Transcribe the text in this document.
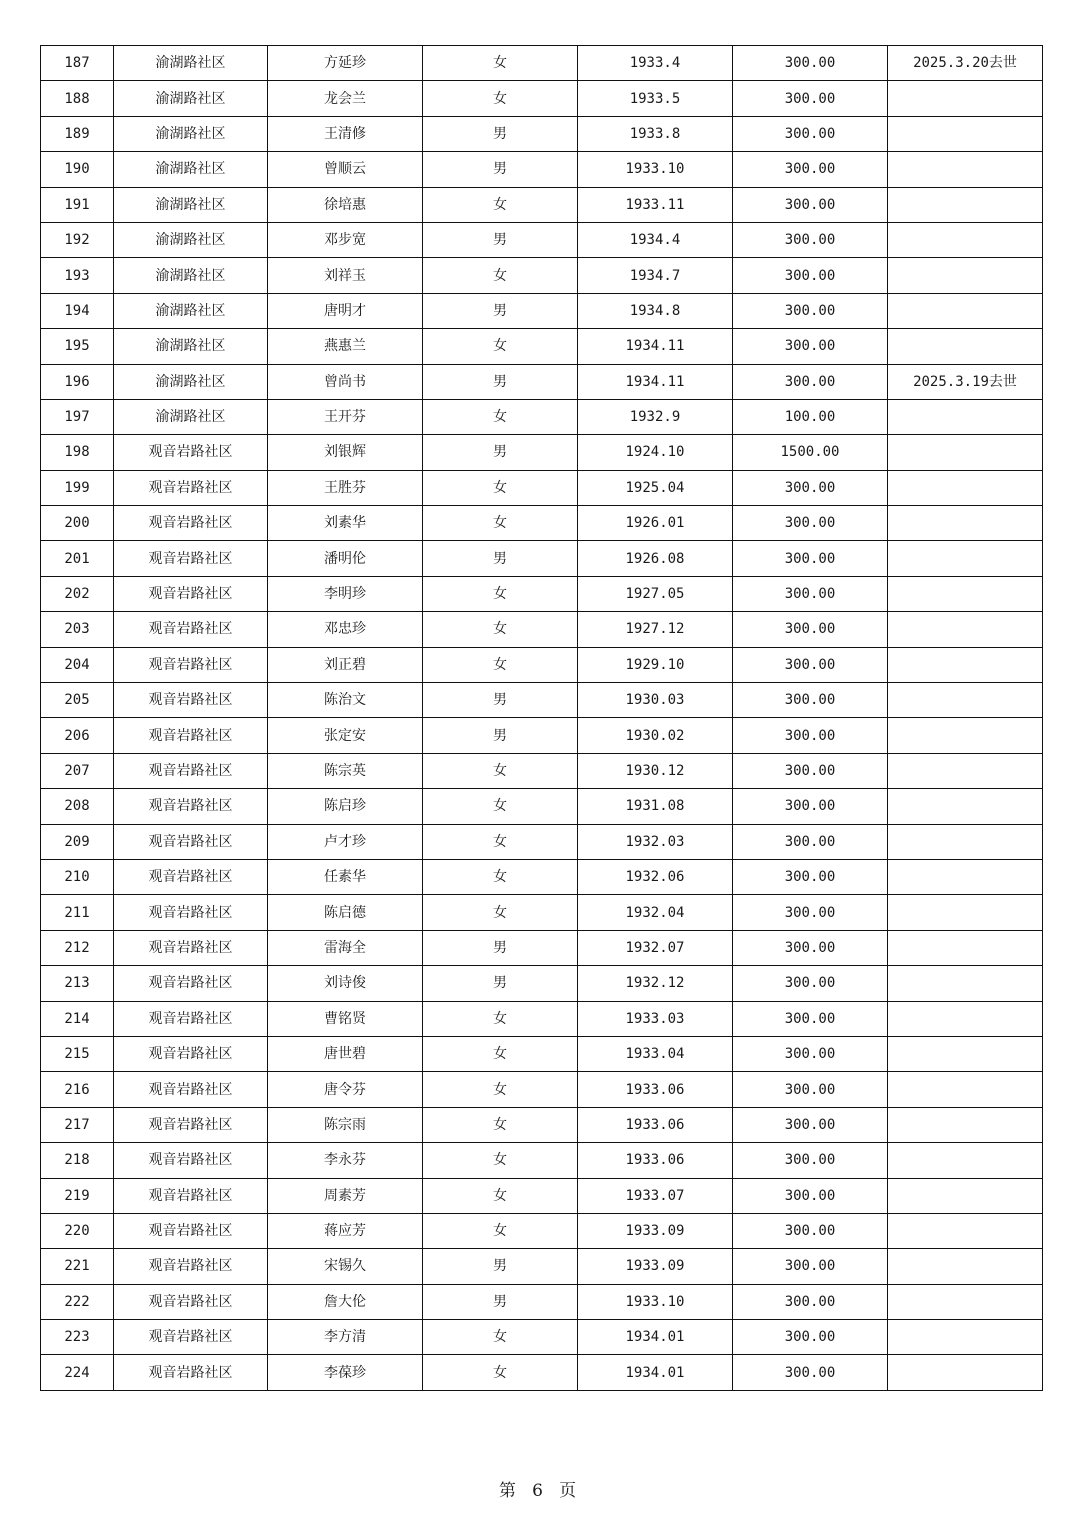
187	渝湖路社区	方延珍	女	1933.4	300.00	2025.3.20去世
188	渝湖路社区	龙会兰	女	1933.5	300.00	
189	渝湖路社区	王清修	男	1933.8	300.00	
190	渝湖路社区	曾顺云	男	1933.10	300.00	
191	渝湖路社区	徐培惠	女	1933.11	300.00	
192	渝湖路社区	邓步宽	男	1934.4	300.00	
193	渝湖路社区	刘祥玉	女	1934.7	300.00	
194	渝湖路社区	唐明才	男	1934.8	300.00	
195	渝湖路社区	燕惠兰	女	1934.11	300.00	
196	渝湖路社区	曾尚书	男	1934.11	300.00	2025.3.19去世
197	渝湖路社区	王开芬	女	1932.9	100.00	
198	观音岩路社区	刘银辉	男	1924.10	1500.00	
199	观音岩路社区	王胜芬	女	1925.04	300.00	
200	观音岩路社区	刘素华	女	1926.01	300.00	
201	观音岩路社区	潘明伦	男	1926.08	300.00	
202	观音岩路社区	李明珍	女	1927.05	300.00	
203	观音岩路社区	邓忠珍	女	1927.12	300.00	
204	观音岩路社区	刘正碧	女	1929.10	300.00	
205	观音岩路社区	陈治文	男	1930.03	300.00	
206	观音岩路社区	张定安	男	1930.02	300.00	
207	观音岩路社区	陈宗英	女	1930.12	300.00	
208	观音岩路社区	陈启珍	女	1931.08	300.00	
209	观音岩路社区	卢才珍	女	1932.03	300.00	
210	观音岩路社区	任素华	女	1932.06	300.00	
211	观音岩路社区	陈启德	女	1932.04	300.00	
212	观音岩路社区	雷海全	男	1932.07	300.00	
213	观音岩路社区	刘诗俊	男	1932.12	300.00	
214	观音岩路社区	曹铭贤	女	1933.03	300.00	
215	观音岩路社区	唐世碧	女	1933.04	300.00	
216	观音岩路社区	唐令芬	女	1933.06	300.00	
217	观音岩路社区	陈宗雨	女	1933.06	300.00	
218	观音岩路社区	李永芬	女	1933.06	300.00	
219	观音岩路社区	周素芳	女	1933.07	300.00	
220	观音岩路社区	蒋应芳	女	1933.09	300.00	
221	观音岩路社区	宋锡久	男	1933.09	300.00	
222	观音岩路社区	詹大伦	男	1933.10	300.00	
223	观音岩路社区	李方清	女	1934.01	300.00	
224	观音岩路社区	李葆珍	女	1934.01	300.00	
第 6 页
